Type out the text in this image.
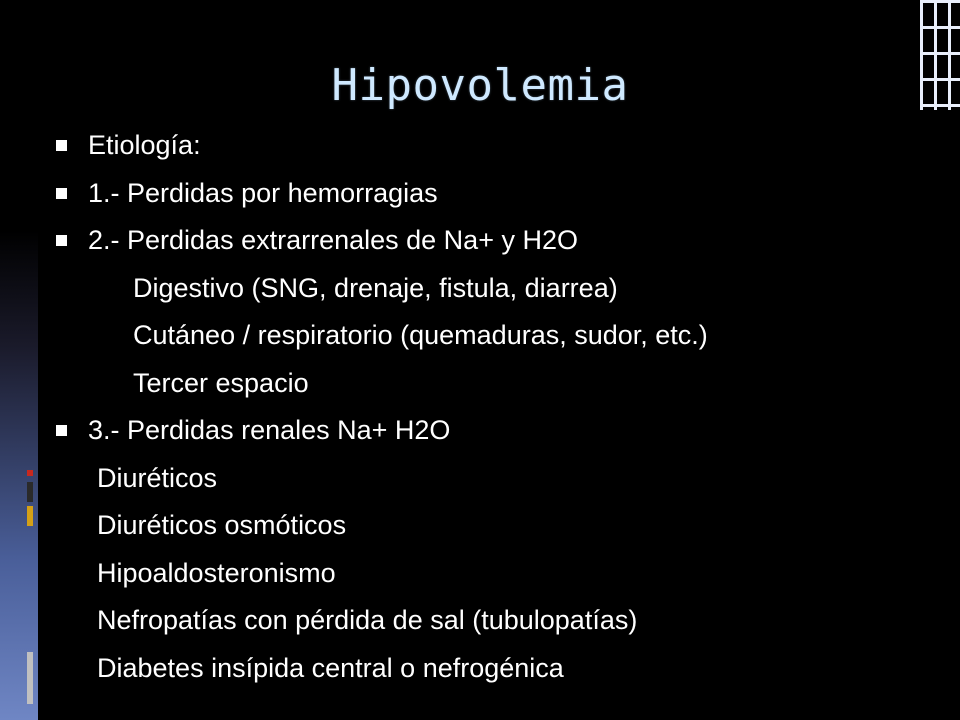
Hipovolemia
Etiología:
1.- Perdidas por hemorragias
2.- Perdidas extrarrenales de Na+ y H2O
Digestivo (SNG, drenaje, fistula, diarrea)
Cutáneo / respiratorio (quemaduras, sudor, etc.)
Tercer espacio
3.- Perdidas renales Na+ H2O
Diuréticos
Diuréticos osmóticos
Hipoaldosteronismo
Nefropatías con pérdida de sal (tubulopatías)
Diabetes insípida central o nefrogénica
